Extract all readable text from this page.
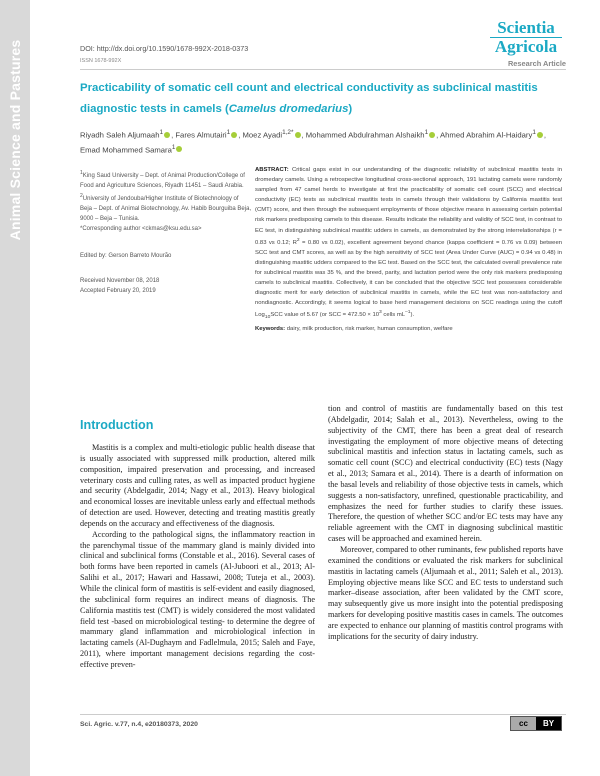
Animal Science and Pastures	DOI: http://dx.doi.org/10.1590/1678-992X-2018-0373
ISSN 1678-992X
Scientia
Agricola
Research Article
Practicability of somatic cell count and electrical conductivity as subclinical mastitis diagnostic tests in camels (Camelus dromedarius)
Riyadh Saleh Aljumaah$^1$ , Fares Almutairi$^1$ , Moez Ayadi$^{1,2*}$ , Mohammed Abdulrahman Alshaikh$^1$ , Ahmed Abrahim Al-Haidary$^1$ ,
Emad Mohammed Samara$^1$

$^1$King Saud University – Dept. of Animal Production/College of Food and Agriculture Sciences, Riyadh 11451 – Saudi Arabia.

$^2$University of Jendouba/Higher Institute of Biotechnology of Beja – Dept. of Animal Biotechnology, Av. Habib Bourguiba Beja, 9000 – Beja – Tunisia.

*Corresponding author <ckmas@ksu.edu.sa>

Edited by: Gerson Barreto Mourão
Received November 08, 2018
Accepted February 20, 2019
ABSTRACT: Critical gaps exist in our understanding of the diagnostic reliability of subclinical mastitis tests in dromedary camels. Using a retrospective longitudinal cross-sectional approach, 191 lactating camels were randomly sampled from 47 camel herds to investigate at first the practicability of somatic cell count (SCC) and electrical conductivity (EC) tests as subclinical mastitis tests in camels through their validations by California mastitis test (CMT) score, and then through the subsequent employments of those objective means in assessing certain potential risk markers predisposing camels to this disease. Results indicate the reliability and validity of SCC test, in contrast to EC test, in distinguishing subclinical mastitic udders in camels, as demonstrated by the strong interrelationships (r = 0.83 vs 0.12; $R^2 = 0.80$ vs 0.02), excellent agreement beyond chance (kappa coefficient = 0.76 vs 0.09) between SCC test and CMT scores, as well as by the high sensitivity of SCC test (Area Under Curve (AUC) = 0.94 vs 0.48) in distinguishing mastitic udders compared to the EC test. Based on the SCC test, the calculated overall prevalence rate for subclinical mastitis was 35 %, and the breed, parity, and lactation period were the only risk markers predisposing camels to subclinical mastitis. Collectively, it can be concluded that the objective SCC test possesses considerable diagnostic merit for early detection of subclinical mastitis in camels, while the EC test was non-satisfactory and nondiagnostic. Accordingly, it seems logical to base herd management decisions on SCC readings using the cutoff Log$_{10}$SCC value of 5.67 (or SCC = $472.50 \times 10^3$ cells $mL^{-1}$).
Keywords: dairy, milk production, risk marker, human consumption, welfare
Introduction

Mastitis is a complex and multi-etiologic public health disease that is usually associated with suppressed milk production, altered milk composition, impaired preservation and processing, and increased veterinary costs and culling rates, as well as impacted product hygiene and security (Abdelgadir, 2014; Nagy et al., 2013). Heavy biological and economical losses are inevitable unless early and effectual methods of detection are used. However, detecting and treating mastitis greatly depends on the accuracy and effectiveness of the diagnosis.

According to the pathological signs, the inflammatory reaction in the parenchymal tissue of the mammary gland is mainly divided into clinical and subclinical forms (Constable et al., 2016). Several cases of both forms have been reported in camels (Al-Juboori et al., 2013; Al-Salihi et al., 2017; Hawari and Hassawi, 2008; Tuteja et al., 2003). While the clinical form of mastitis is self-evident and easily diagnosed, the subclinical form requires an indirect means of diagnosis. The California mastitis test (CMT) is widely considered the most validated field test -based on microbiological testing- to determine the degree of mammary gland inflammation and microbiological infection in lactating camels (Al-Dughaym and Fadlelmula, 2015; Saleh and Faye, 2011), where important management decisions regarding the cost-effective preven-

tion and control of mastitis are fundamentally based on this test (Abdelgadir, 2014; Salah et al., 2013). Nevertheless, owing to the subjectivity of the CMT, there has been a great deal of research investigating the employment of more objective means of detecting subclinical mastitis and infection status in lactating camels, such as somatic cell count (SCC) and electrical conductivity (EC) tests (Nagy et al., 2013; Samara et al., 2014). There is a dearth of information on the basal levels and reliability of those objective tests in camels, which suggests a non-satisfactory, unrefined, questionable practicability, and emphasizes the need for further studies to clarify these issues. Therefore, the question of whether SCC and/or EC tests may have any reliable agreement with the CMT in diagnosing subclinical mastitic cases will be approached and examined herein.

Moreover, compared to other ruminants, few published reports have examined the conditions or evaluated the risk markers for subclinical mastitis in lactating camels (Aljumaah et al., 2011; Saleh et al., 2013). Employing objective means like SCC and EC tests to understand such marker–disease association, after been validated by the CMT score, may subsequently give us more insight into the potential predisposing markers for developing positive mastitis cases in camels. The outcomes are expected to enhance our planning of mastitis control programs with implications for the security of dairy industry.

Sci. Agric. v.77, n.4, e20180373, 2020	cc	BY
